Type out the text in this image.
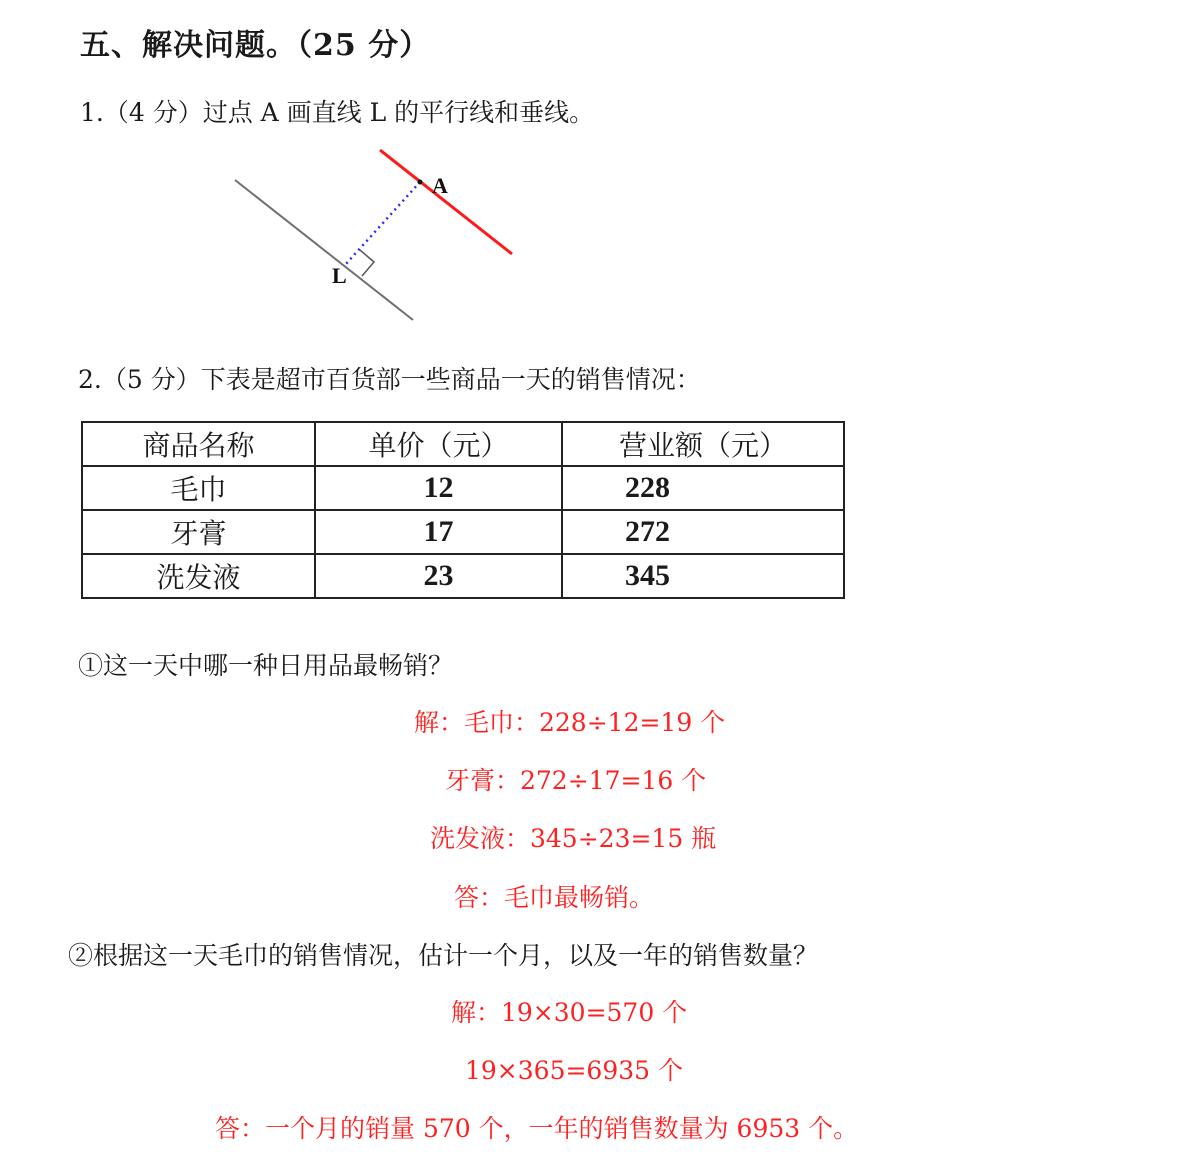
五、解决问题。（25 分）
1.（4 分）过点 A 画直线 L 的平行线和垂线。
A
L
2.（5 分）下表是超市百货部一些商品一天的销售情况：
商品名称	单价（元）	营业额（元）
毛巾	12	228
牙膏	17	272
洗发液	23	345
①这一天中哪一种日用品最畅销？
解：毛巾：228÷12=19 个
牙膏：272÷17=16 个
洗发液：345÷23=15 瓶
答：毛巾最畅销。
②根据这一天毛巾的销售情况，估计一个月，以及一年的销售数量？
解：19×30=570 个
19×365=6935 个
答：一个月的销量 570 个，一年的销售数量为 6953 个。
